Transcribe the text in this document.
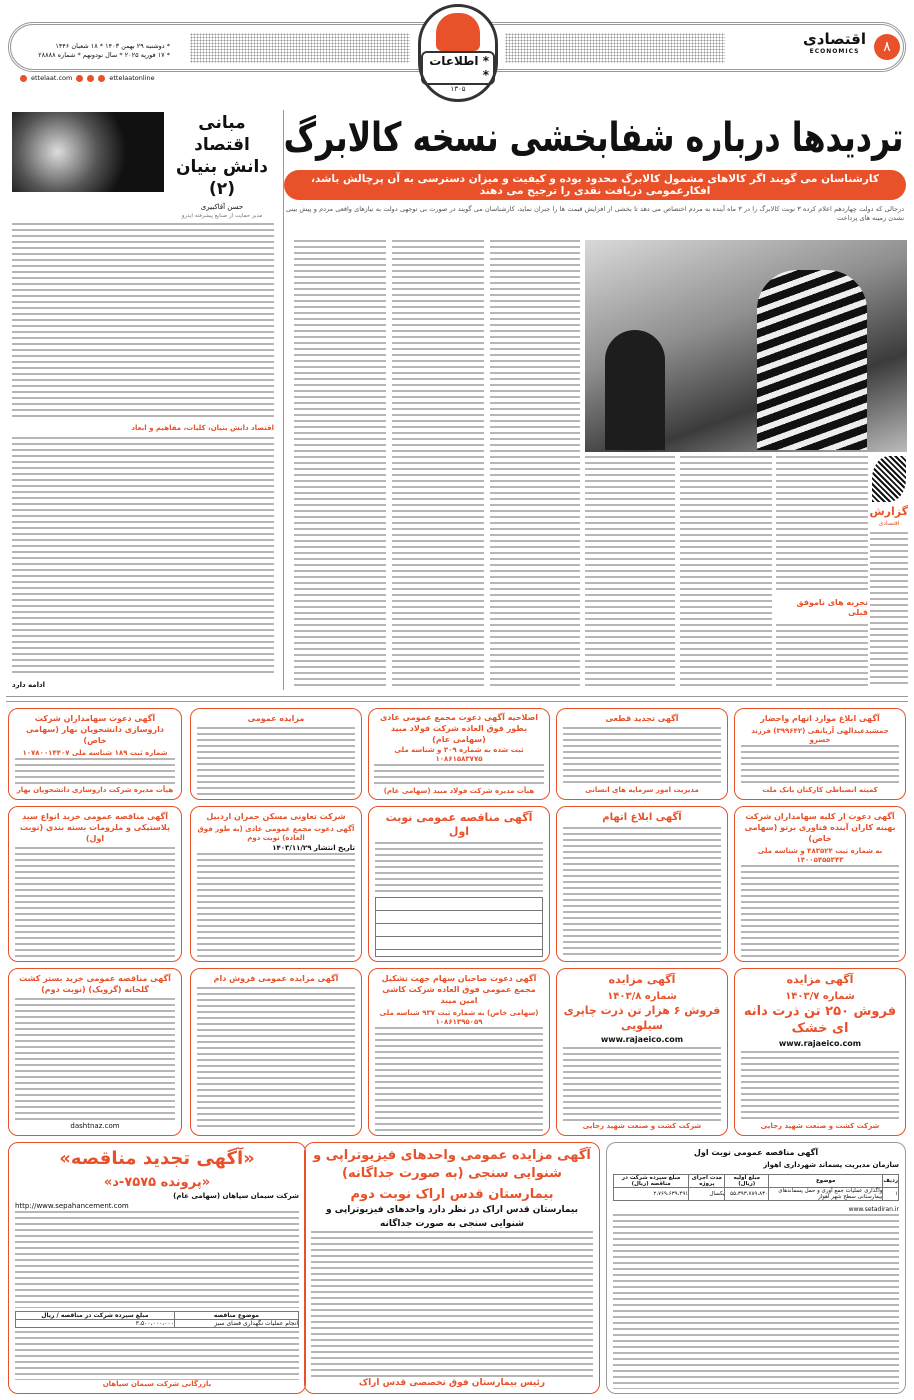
۸
اقتصادی
ECONOMICS
* اطلاعات *
۱۳۰۵
* دوشنبه ۲۹ بهمن ۱۴۰۳ * ۱۸ شعبان ۱۴۴۶
* ۱۷ فوریه ۲۰۲۵ * سال نودونهم * شماره ۲۸۸۸۸
ettelaat.com	ettelaatonline
تردیدها درباره شفابخشی نسخه کالابرگ
کارشناسان می گویند اگر کالاهای مشمول کالابرگ محدود بوده و کیفیت و میزان دسترسی به آن پرچالش باشد، افکارعمومی دریافت نقدی را ترجیح می دهند
درحالی که دولت چهاردهم اعلام کرده ۳ نوبت کالابرگ را در ۳ ماه آینده به مردم اختصاص می دهد تا بخشی از افزایش قیمت ها را جبران نماید، کارشناسان می گویند در صورت بی توجهی دولت به نیازهای واقعی مردم و پیش بینی نشدن زمینه های پرداخت
تجربه های ناموفق قبلی
گزارش
اقتصادی
مبانی اقتصاد دانش بنیان (۲)
حسن آقاکبیری
مدیر حمایت از صنایع پیشرفته ایدرو
اقتصاد دانش بنیان، کلیات، مفاهیم و ابعاد
ادامه دارد
آگهی ابلاغ موارد اتهام واحضار
جمشیدعبدالهی آریانفی (۳۹۹۶۴۲) فرزند خسرو
کمیته انضباطی کارکنان بانک ملت
آگهی تجدید قطعی
مدیریت امور سرمایه های انسانی
اصلاحیه آگهی دعوت مجمع عمومی عادی بطور فوق العاده شرکت فولاد مبید (سهامی عام)
ثبت شده به شماره ۳۰۹ و شناسه ملی ۱۰۸۶۱۵۸۳۷۷۵
هیأت مدیره شرکت فولاد مبید (سهامی عام)
مزایده عمومی
آگهی دعوت سهامداران شرکت داروسازی دانشجویان بهار (سهامی خاص)
شماره ثبت ۱۸۹ شناسه ملی ۱۰۷۸۰۰۱۴۴۰۷
هیأت مدیره شرکت داروسازی دانشجویان بهار
آگهی دعوت از کلیه سهامداران شرکت بهینه کاران آینده فناوری برتو (سهامی خاص)
به شماره ثبت ۴۸۳۵۲۴ و شناسه ملی ۱۴۰۰۵۴۵۵۳۴۳
آگهی ابلاغ اتهام
آگهی مناقصه عمومی نوبت اول
شرکت تعاونی مسکن جمران اردبیل
آگهی دعوت مجمع عمومی عادی (به طور فوق العاده) نوبت دوم
تاریخ انتشار ۱۴۰۳/۱۱/۲۹
آگهی مناقصه عمومی خرید انواع سبد پلاستیکی و ملزومات بسته بندی (نوبت اول)
آگهی مزایده
شماره ۱۴۰۳/۷
فروش ۲۵۰ تن ذرت دانه ای خشک
www.rajaeico.com
شرکت کشت و صنعت شهید رجایی
آگهی مزایده
شماره ۱۴۰۳/۸
فروش ۶ هزار تن ذرت چاپری سیلویی
www.rajaeico.com
شرکت کشت و صنعت شهید رجایی
آگهی دعوت صاحبان سهام جهت تشکیل مجمع عمومی فوق العاده شرکت کاشی امین میبد
(سهامی خاص) به شماره ثبت ۹۳۷ شناسه ملی ۱۰۸۶۱۳۹۵۰۵۹
آگهی مزایده عمومی فروش دام
آگهی مناقصه عمومی خرید بستر کشت گلخانه (گرویک) (نوبت دوم)
dashtnaz.com
آگهی مناقصه عمومی نوبت اول
سازمان مدیریت پسماند شهرداری اهواز
ردیف	موضوع	مبلغ اولیه (ریال)	مدت اجرای پروژه	مبلغ سپرده شرکت در مناقصه (ریال)
۱	واگذاری عملیات جمع آوری و حمل پسماندهای بیمارستانی سطح شهر اهواز	۵۵،۳۹۳،۷۸۹،۸۳۰	یکسال	۲،۷۶۹،۶۳۹،۴۹۱
www.setadiran.ir
آگهی مزایده عمومی واحدهای فیزیوتراپی و شنوایی سنجی (به صورت جداگانه)
بیمارستان قدس اراک نوبت دوم
بیمارستان قدس اراک در نظر دارد واحدهای فیزیوتراپی و شنوایی سنجی به صورت جداگانه
رئیس بیمارستان فوق تخصصی قدس اراک
«آگهی تجدید مناقصه»
«پرونده ۷۵۷۵-د»
شرکت سیمان سپاهان (سهامی عام)
http://www.sepahancement.com
موضوع مناقصه	مبلغ سپرده شرکت در مناقصه / ریال
انجام عملیات نگهداری فضای سبز	۳،۵۰۰،۰۰۰،۰۰۰
بازرگانی شرکت سیمان سپاهان
